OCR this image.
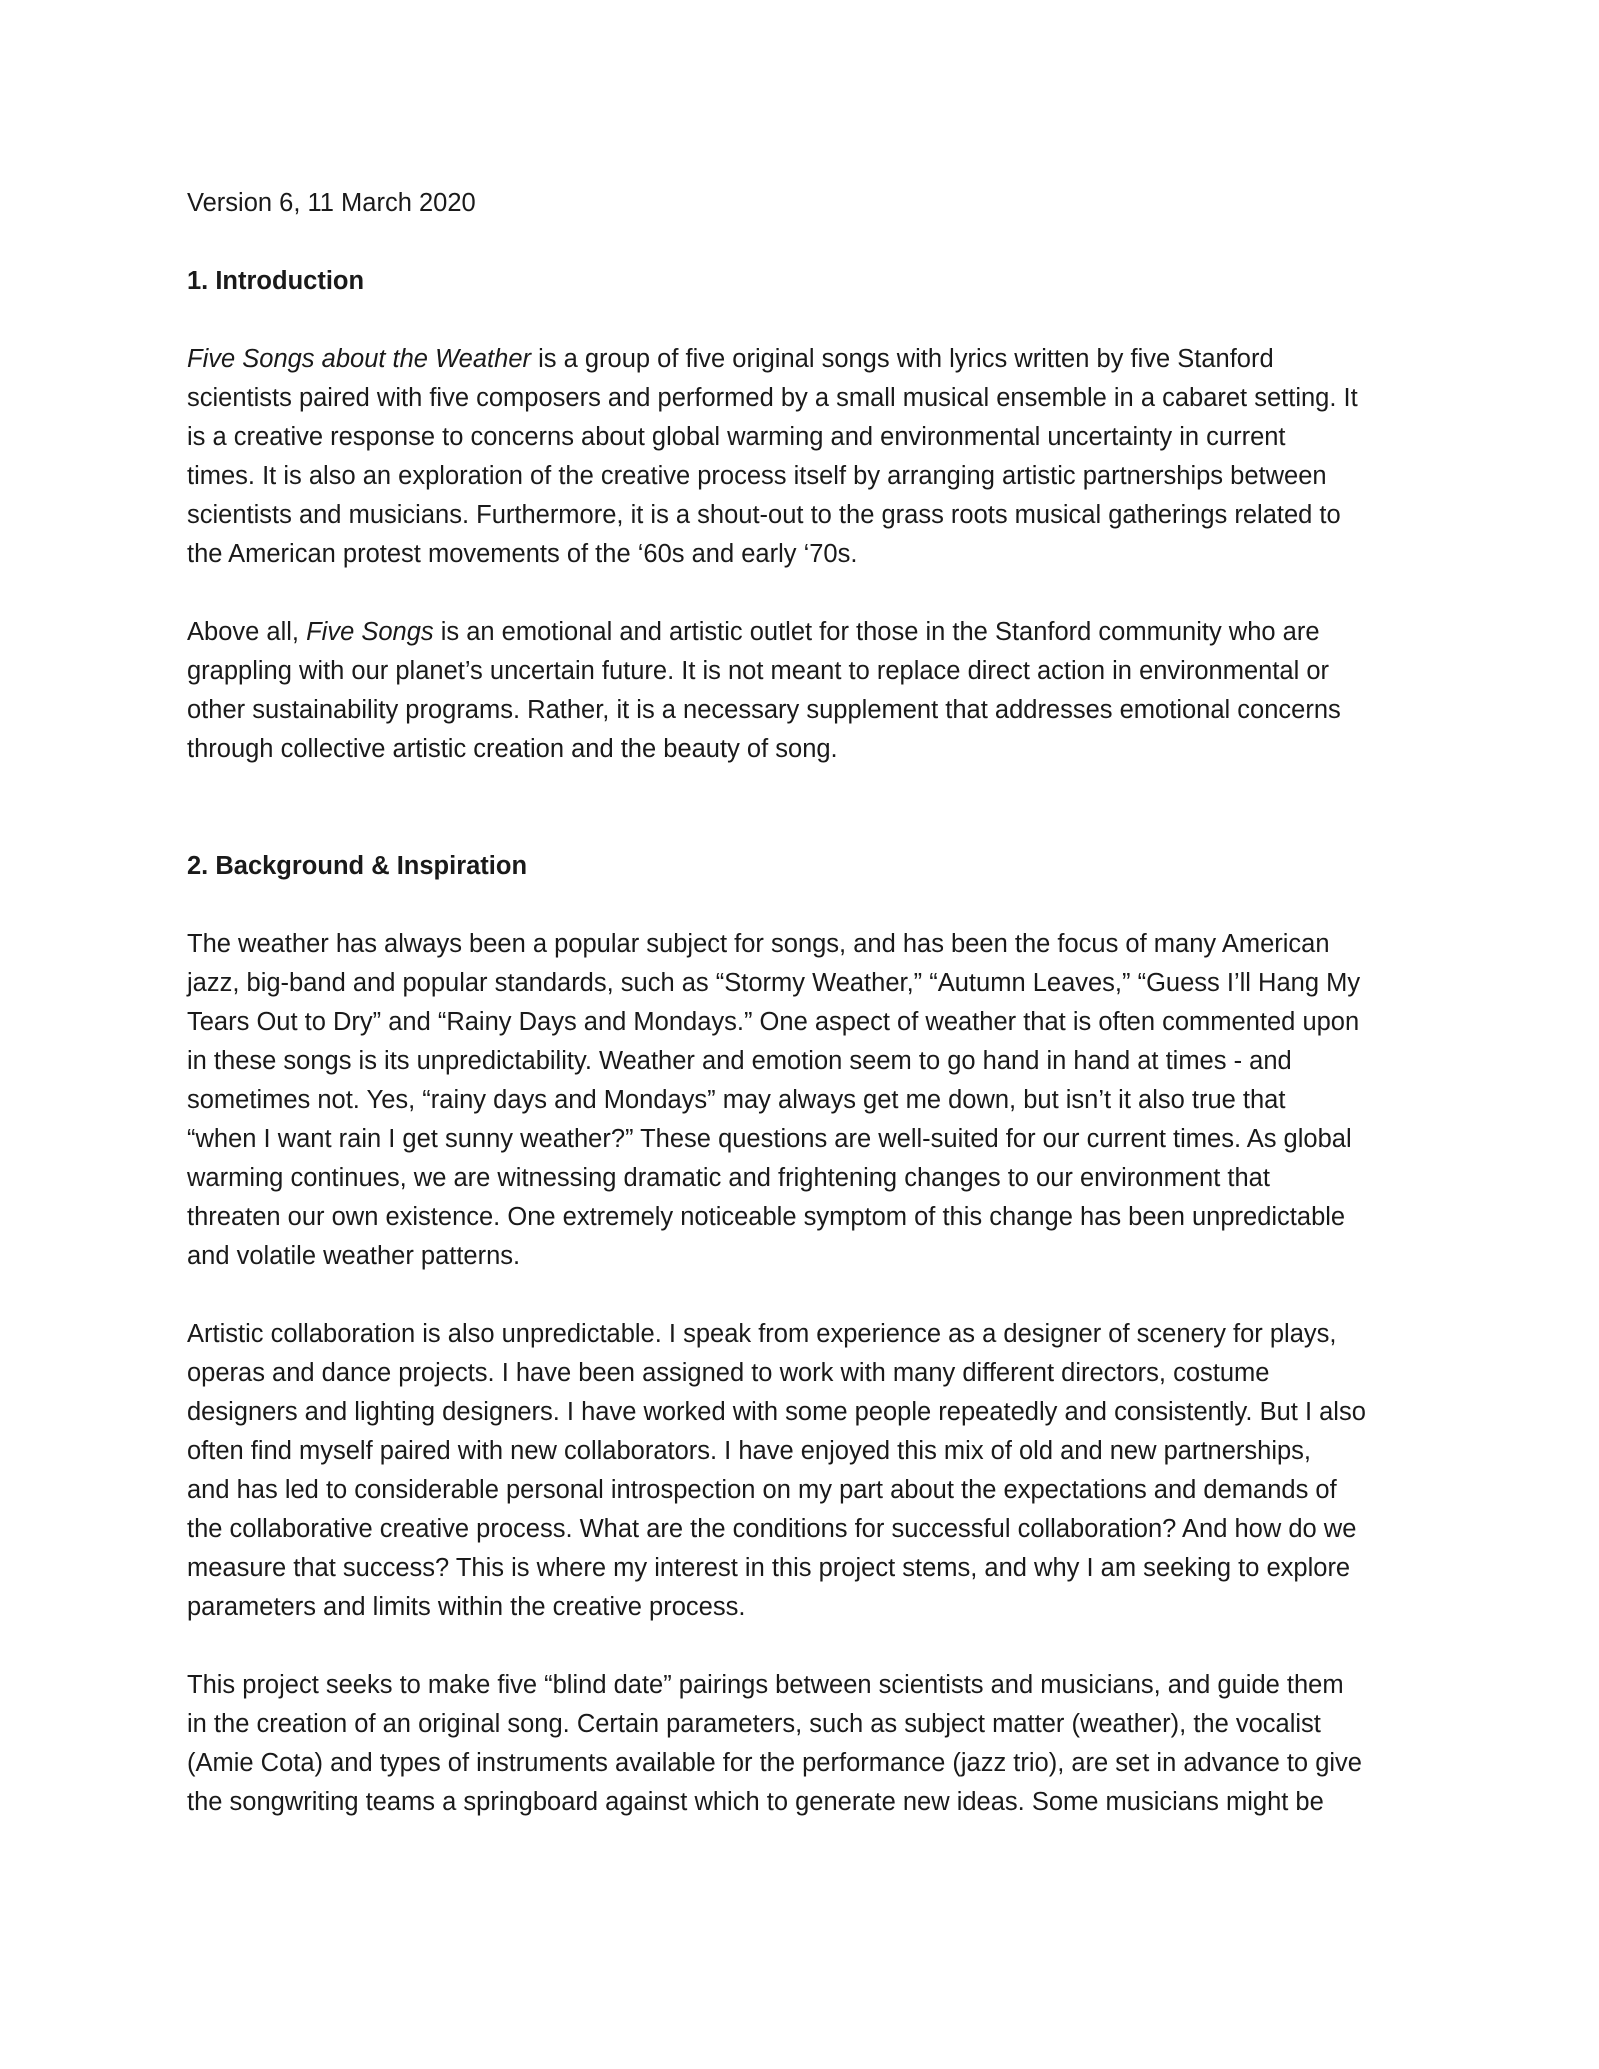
Version 6, 11 March 2020
1. Introduction
Five Songs about the Weather is a group of five original songs with lyrics written by five Stanford
scientists paired with five composers and performed by a small musical ensemble in a cabaret setting. It
is a creative response to concerns about global warming and environmental uncertainty in current
times. It is also an exploration of the creative process itself by arranging artistic partnerships between
scientists and musicians. Furthermore, it is a shout-out to the grass roots musical gatherings related to
the American protest movements of the ‘60s and early ‘70s.
Above all, Five Songs is an emotional and artistic outlet for those in the Stanford community who are
grappling with our planet’s uncertain future. It is not meant to replace direct action in environmental or
other sustainability programs. Rather, it is a necessary supplement that addresses emotional concerns
through collective artistic creation and the beauty of song.
2. Background & Inspiration
The weather has always been a popular subject for songs, and has been the focus of many American
jazz, big-band and popular standards, such as “Stormy Weather,” “Autumn Leaves,” “Guess I’ll Hang My
Tears Out to Dry” and “Rainy Days and Mondays.” One aspect of weather that is often commented upon
in these songs is its unpredictability. Weather and emotion seem to go hand in hand at times - and
sometimes not. Yes, “rainy days and Mondays” may always get me down, but isn’t it also true that
“when I want rain I get sunny weather?” These questions are well-suited for our current times. As global
warming continues, we are witnessing dramatic and frightening changes to our environment that
threaten our own existence. One extremely noticeable symptom of this change has been unpredictable
and volatile weather patterns.
Artistic collaboration is also unpredictable. I speak from experience as a designer of scenery for plays,
operas and dance projects. I have been assigned to work with many different directors, costume
designers and lighting designers. I have worked with some people repeatedly and consistently. But I also
often find myself paired with new collaborators. I have enjoyed this mix of old and new partnerships,
and has led to considerable personal introspection on my part about the expectations and demands of
the collaborative creative process. What are the conditions for successful collaboration? And how do we
measure that success? This is where my interest in this project stems, and why I am seeking to explore
parameters and limits within the creative process.
This project seeks to make five “blind date” pairings between scientists and musicians, and guide them
in the creation of an original song. Certain parameters, such as subject matter (weather), the vocalist
(Amie Cota) and types of instruments available for the performance (jazz trio), are set in advance to give
the songwriting teams a springboard against which to generate new ideas. Some musicians might be
